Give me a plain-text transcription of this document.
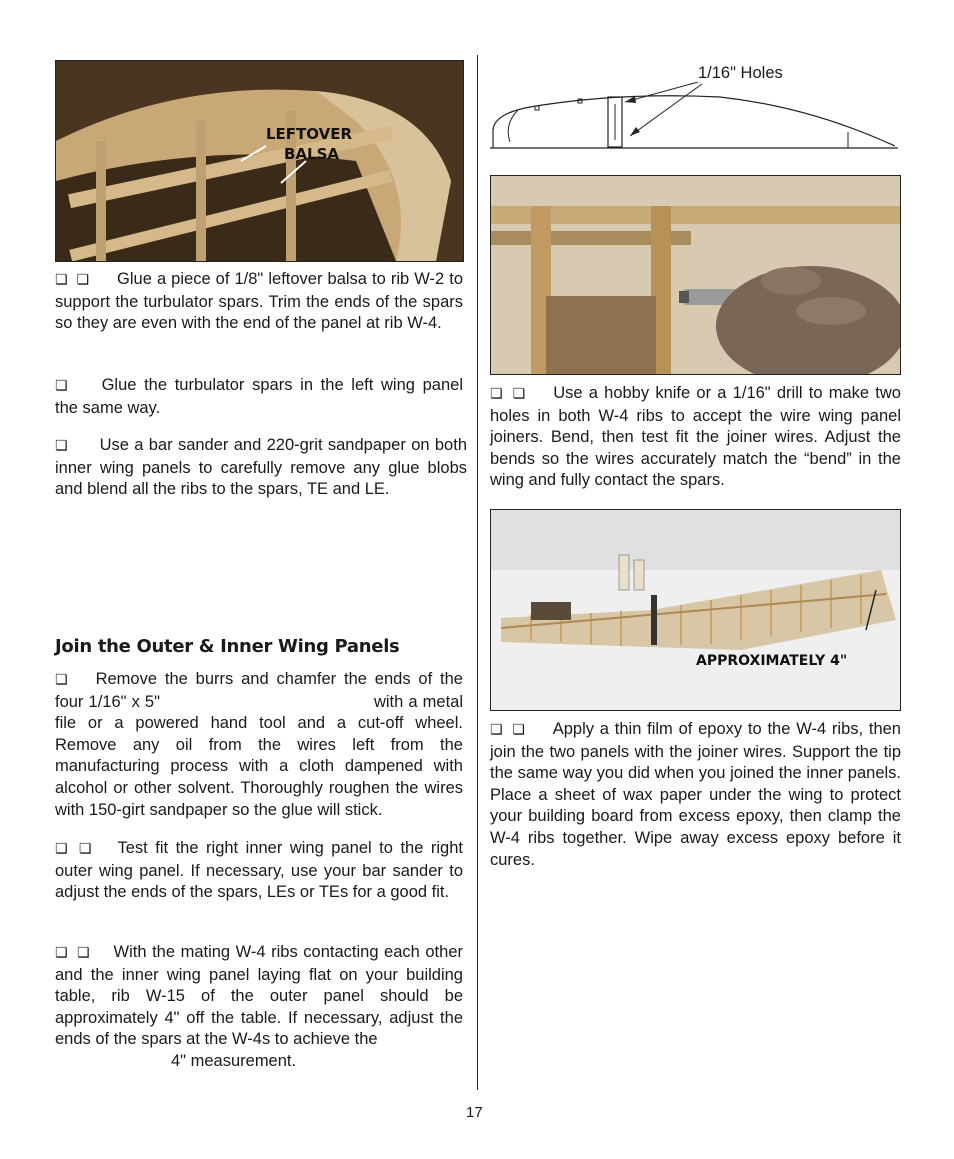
LEFTOVER
BALSA

❏ ❏ Glue a piece of 1/8" leftover balsa to rib W-2 to support the turbulator spars. Trim the ends of the spars so they are even with the end of the panel at rib W-4.

❏ Glue the turbulator spars in the left wing panel the same way.

❏ Use a bar sander and 220-grit sandpaper on both inner wing panels to carefully remove any glue blobs and blend all the ribs to the spars, TE and LE.

Join the Outer & Inner Wing Panels

❏ Remove the burrs and chamfer the ends of the four 1/16" x 5"	with a metal file or a powered hand tool and a cut-off wheel. Remove any oil from the wires left from the manufacturing process with a cloth dampened with alcohol or other solvent. Thoroughly roughen the wires with 150-girt sandpaper so the glue will stick.

❏ ❏ Test fit the right inner wing panel to the right outer wing panel. If necessary, use your bar sander to adjust the ends of the spars, LEs or TEs for a good fit.

❏ ❏ With the mating W-4 ribs contacting each other and the inner wing panel laying flat on your building table, rib W-15 of the outer panel should be approximately 4" off the table. If necessary, adjust the ends of the spars at the W-4s to achieve the
4" measurement.

1/16" Holes

❏ ❏ Use a hobby knife or a 1/16" drill to make two holes in both W-4 ribs to accept the wire wing panel joiners. Bend, then test fit the joiner wires. Adjust the bends so the wires accurately match the “bend” in the wing and fully contact the spars.

APPROXIMATELY 4"

❏ ❏ Apply a thin film of epoxy to the W-4 ribs, then join the two panels with the joiner wires. Support the tip the same way you did when you joined the inner panels. Place a sheet of wax paper under the wing to protect your building board from excess epoxy, then clamp the W-4 ribs together. Wipe away excess epoxy before it cures.

17
